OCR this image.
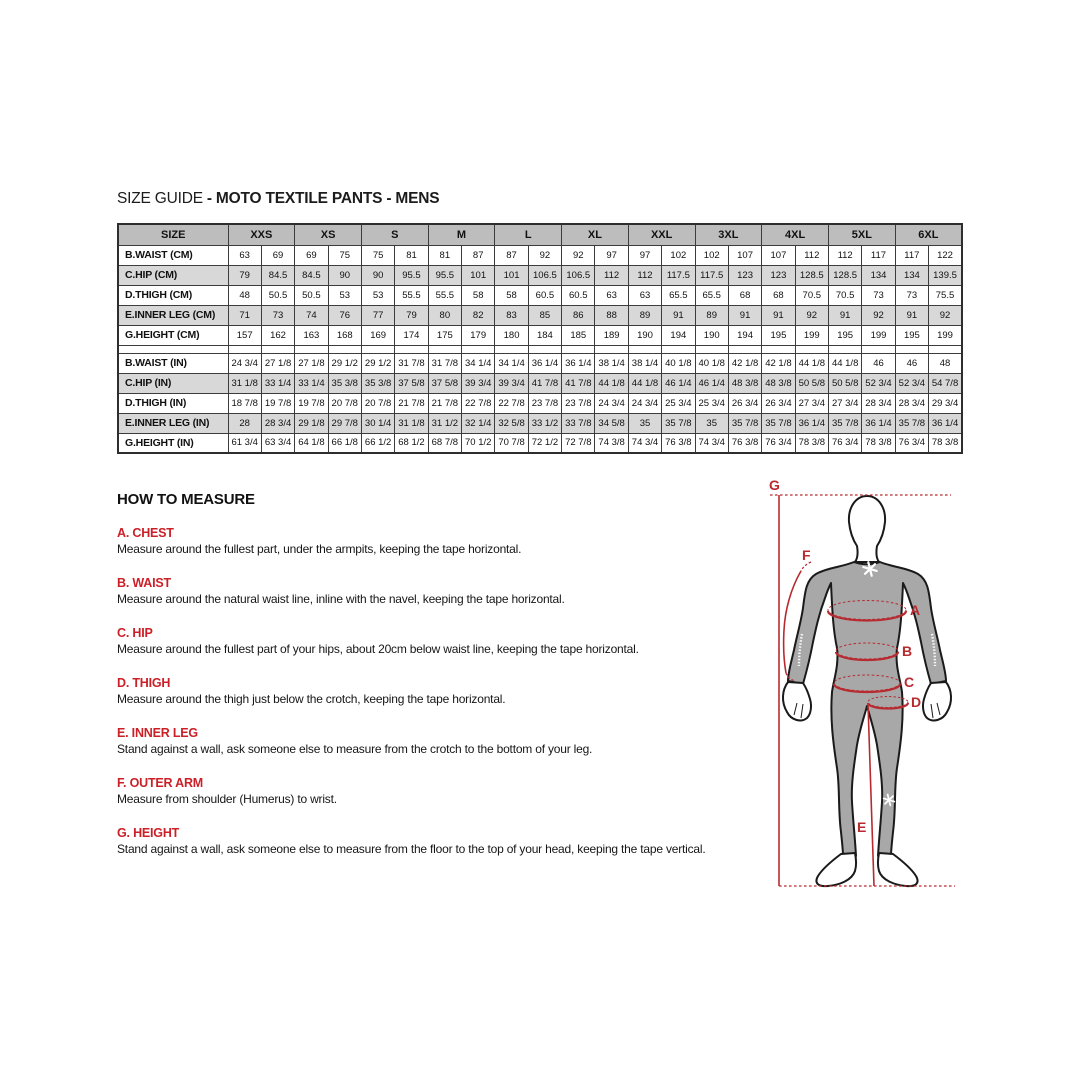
SIZE GUIDE - MOTO TEXTILE PANTS - MENS
SIZE	XXS		XS		S		M		L		XL		XXL		3XL		4XL		5XL		6XL	
B.WAIST (CM)	63	69	69	75	75	81	81	87	87	92	92	97	97	102	102	107	107	112	112	117	117	122
C.HIP (CM)	79	84.5	84.5	90	90	95.5	95.5	101	101	106.5	106.5	112	112	117.5	117.5	123	123	128.5	128.5	134	134	139.5
D.THIGH (CM)	48	50.5	50.5	53	53	55.5	55.5	58	58	60.5	60.5	63	63	65.5	65.5	68	68	70.5	70.5	73	73	75.5
E.INNER LEG (CM)	71	73	74	76	77	79	80	82	83	85	86	88	89	91	89	91	91	92	91	92	91	92
G.HEIGHT (CM)	157	162	163	168	169	174	175	179	180	184	185	189	190	194	190	194	195	199	195	199	195	199

B.WAIST (IN)	24 3/4	27 1/8	27 1/8	29 1/2	29 1/2	31 7/8	31 7/8	34 1/4	34 1/4	36 1/4	36 1/4	38 1/4	38 1/4	40 1/8	40 1/8	42 1/8	42 1/8	44 1/8	44 1/8	46	46	48
C.HIP (IN)	31 1/8	33 1/4	33 1/4	35 3/8	35 3/8	37 5/8	37 5/8	39 3/4	39 3/4	41 7/8	41 7/8	44 1/8	44 1/8	46 1/4	46 1/4	48 3/8	48 3/8	50 5/8	50 5/8	52 3/4	52 3/4	54 7/8
D.THIGH (IN)	18 7/8	19 7/8	19 7/8	20 7/8	20 7/8	21 7/8	21 7/8	22 7/8	22 7/8	23 7/8	23 7/8	24 3/4	24 3/4	25 3/4	25 3/4	26 3/4	26 3/4	27 3/4	27 3/4	28 3/4	28 3/4	29 3/4
E.INNER LEG (IN)	28	28 3/4	29 1/8	29 7/8	30 1/4	31 1/8	31 1/2	32 1/4	32 5/8	33 1/2	33 7/8	34 5/8	35	35 7/8	35	35 7/8	35 7/8	36 1/4	35 7/8	36 1/4	35 7/8	36 1/4
G.HEIGHT (IN)	61 3/4	63 3/4	64 1/8	66 1/8	66 1/2	68 1/2	68 7/8	70 1/2	70 7/8	72 1/2	72 7/8	74 3/8	74 3/4	76 3/8	74 3/4	76 3/8	76 3/4	78 3/8	76 3/4	78 3/8	76 3/4	78 3/8
HOW TO MEASURE
A. CHEST
Measure around the fullest part, under the armpits, keeping the tape horizontal.
B. WAIST
Measure around the natural waist line, inline with the navel, keeping the tape horizontal.
C. HIP
Measure around the fullest part of your hips, about 20cm below waist line, keeping the tape horizontal.
D. THIGH
Measure around the thigh just below the crotch, keeping the tape horizontal.
E. INNER LEG
Stand against a wall, ask someone else to measure from the crotch to the bottom of your leg.
F. OUTER ARM
Measure from shoulder (Humerus) to wrist.
G. HEIGHT
Stand against a wall, ask someone else to measure from the floor to the top of your head, keeping the tape vertical.
G
F
A
B
C
D
E
